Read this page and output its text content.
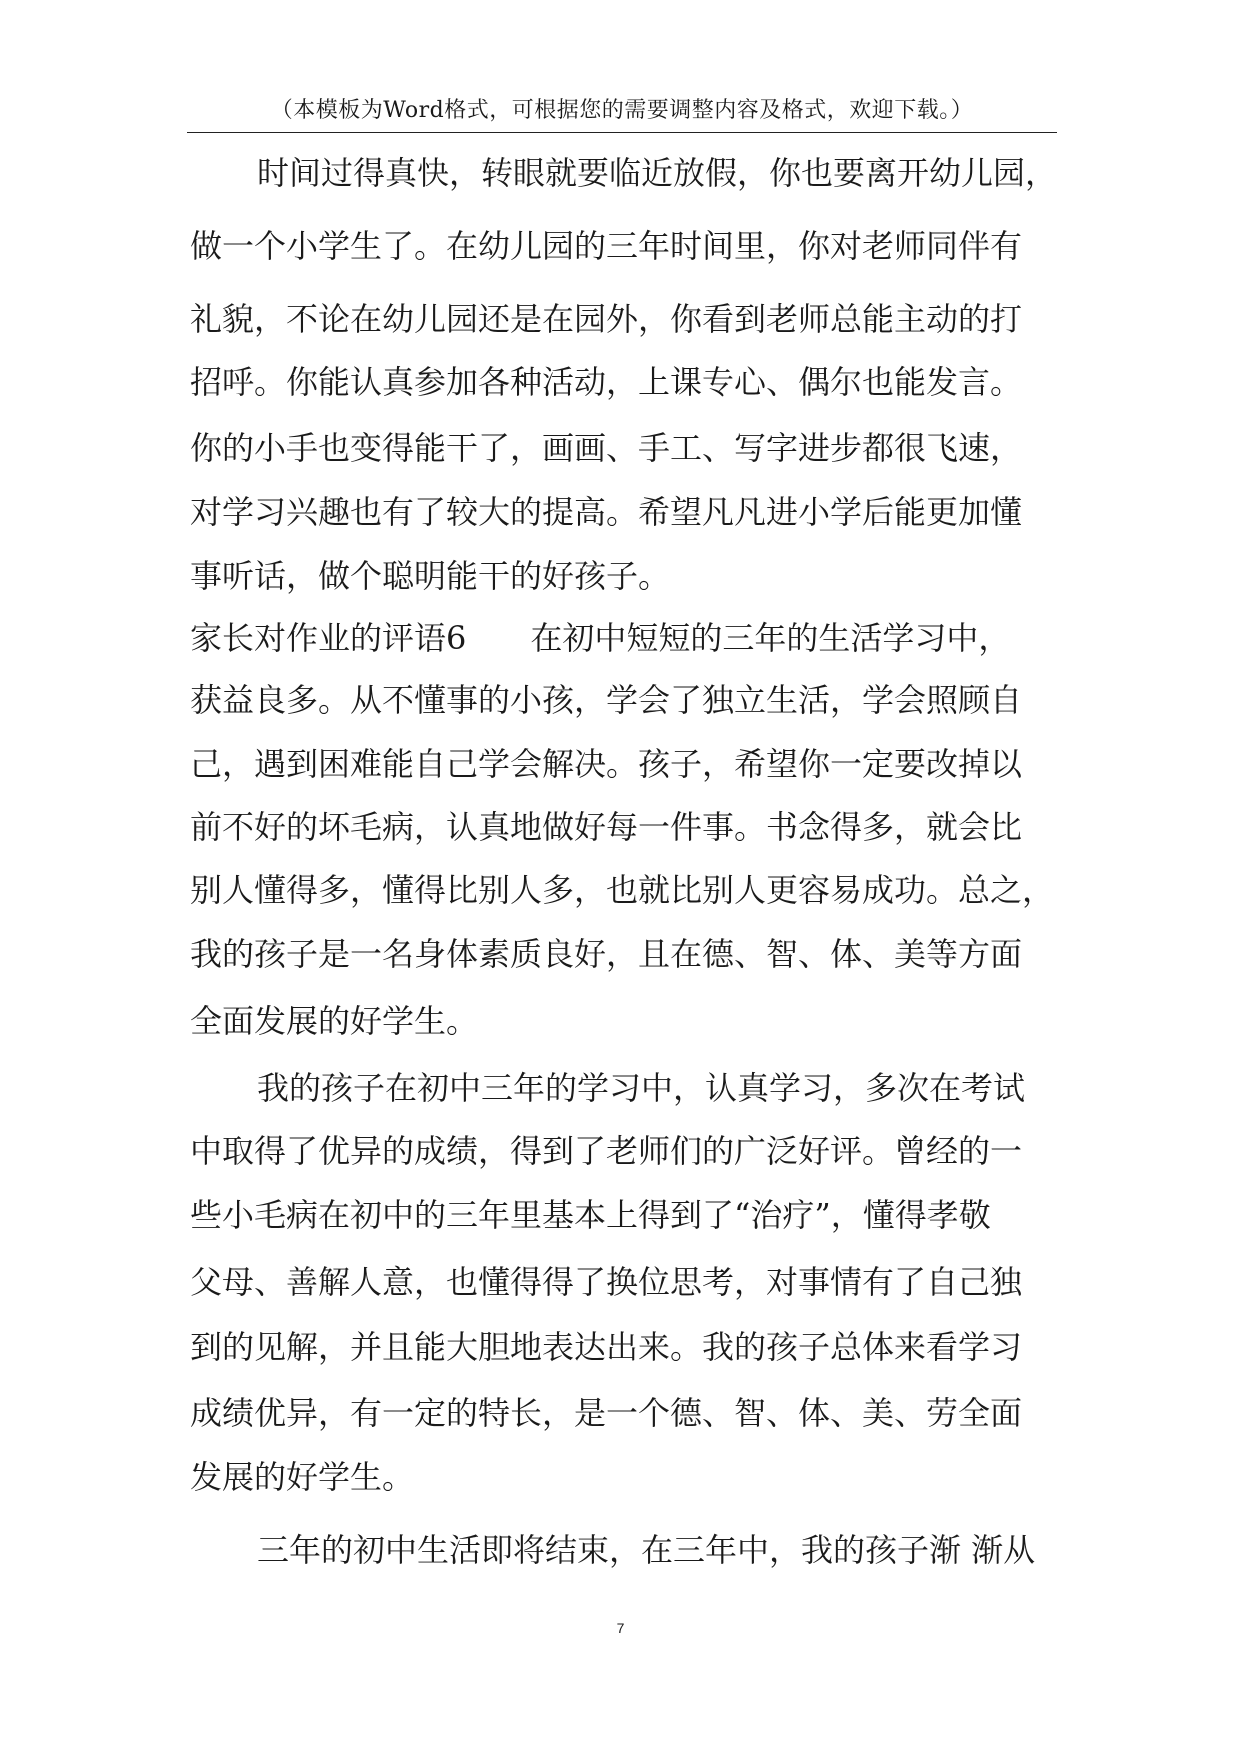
（本模板为Word格式，可根据您的需要调整内容及格式，欢迎下载。）
时间过得真快，转眼就要临近放假，你也要离开幼儿园，
做一个小学生了。在幼儿园的三年时间里，你对老师同伴有
礼貌，不论在幼儿园还是在园外，你看到老师总能主动的打
招呼。你能认真参加各种活动，上课专心、偶尔也能发言。
你的小手也变得能干了，画画、手工、写字进步都很飞速，
对学习兴趣也有了较大的提高。希望凡凡进小学后能更加懂
事听话，做个聪明能干的好孩子。
家长对作业的评语6　　在初中短短的三年的生活学习中，
获益良多。从不懂事的小孩，学会了独立生活，学会照顾自
己，遇到困难能自己学会解决。孩子，希望你一定要改掉以
前不好的坏毛病，认真地做好每一件事。书念得多，就会比
别人懂得多，懂得比别人多，也就比别人更容易成功。总之，
我的孩子是一名身体素质良好，且在德、智、体、美等方面
全面发展的好学生。
我的孩子在初中三年的学习中，认真学习，多次在考试
中取得了优异的成绩，得到了老师们的广泛好评。曾经的一
些小毛病在初中的三年里基本上得到了“治疗”，懂得孝敬
父母、善解人意，也懂得得了换位思考，对事情有了自己独
到的见解，并且能大胆地表达出来。我的孩子总体来看学习
成绩优异，有一定的特长，是一个德、智、体、美、劳全面
发展的好学生。
三年的初中生活即将结束，在三年中，我的孩子渐 渐从
7
